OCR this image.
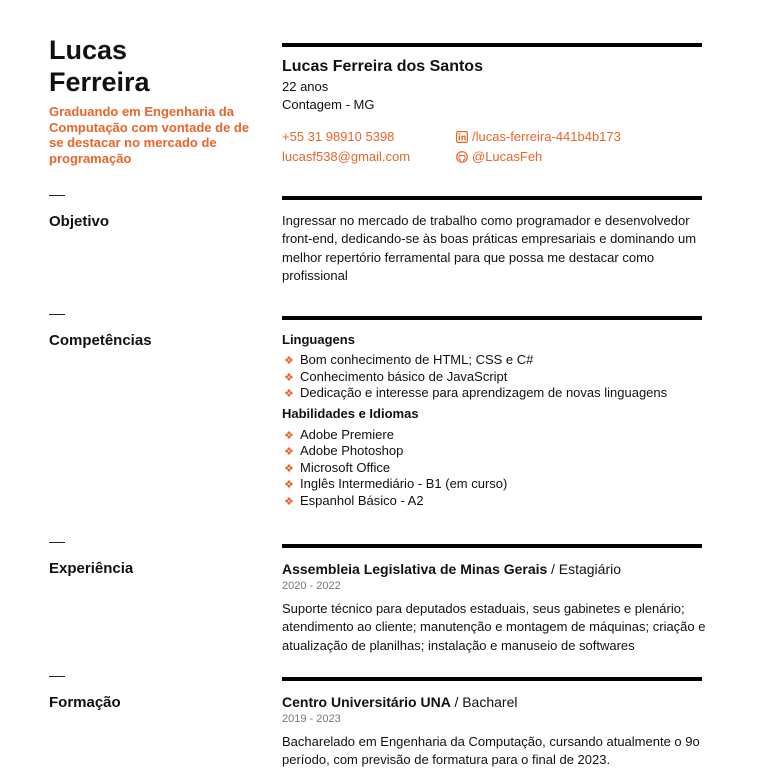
Lucas
Ferreira
Graduando em Engenharia da Computação com vontade de de se destacar no mercado de programação
Objetivo
Competências
Experiência
Formação
Lucas Ferreira dos Santos
22 anos
Contagem - MG
+55 31 98910 5398
lucasf538@gmail.com
/lucas-ferreira-441b4b173
@LucasFeh
Ingressar no mercado de trabalho como programador e desenvolvedor front-end, dedicando-se às boas práticas empresariais e dominando um melhor repertório ferramental para que possa me destacar como profissional
Linguagens
❖ Bom conhecimento de HTML; CSS e C#
❖ Conhecimento básico de JavaScript
❖ Dedicação e interesse para aprendizagem de novas linguagens
Habilidades e Idiomas
❖ Adobe Premiere
❖ Adobe Photoshop
❖ Microsoft Office
❖ Inglês Intermediário - B1 (em curso)
❖ Espanhol Básico - A2
Assembleia Legislativa de Minas Gerais / Estagiário
2020 - 2022
Suporte técnico para deputados estaduais, seus gabinetes e plenário; atendimento ao cliente; manutenção e montagem de máquinas; criação e atualização de planilhas; instalação e manuseio de softwares
Centro Universitário UNA / Bacharel
2019 - 2023
Bacharelado em Engenharia da Computação, cursando atualmente o 9o período, com previsão de formatura para o final de 2023.
